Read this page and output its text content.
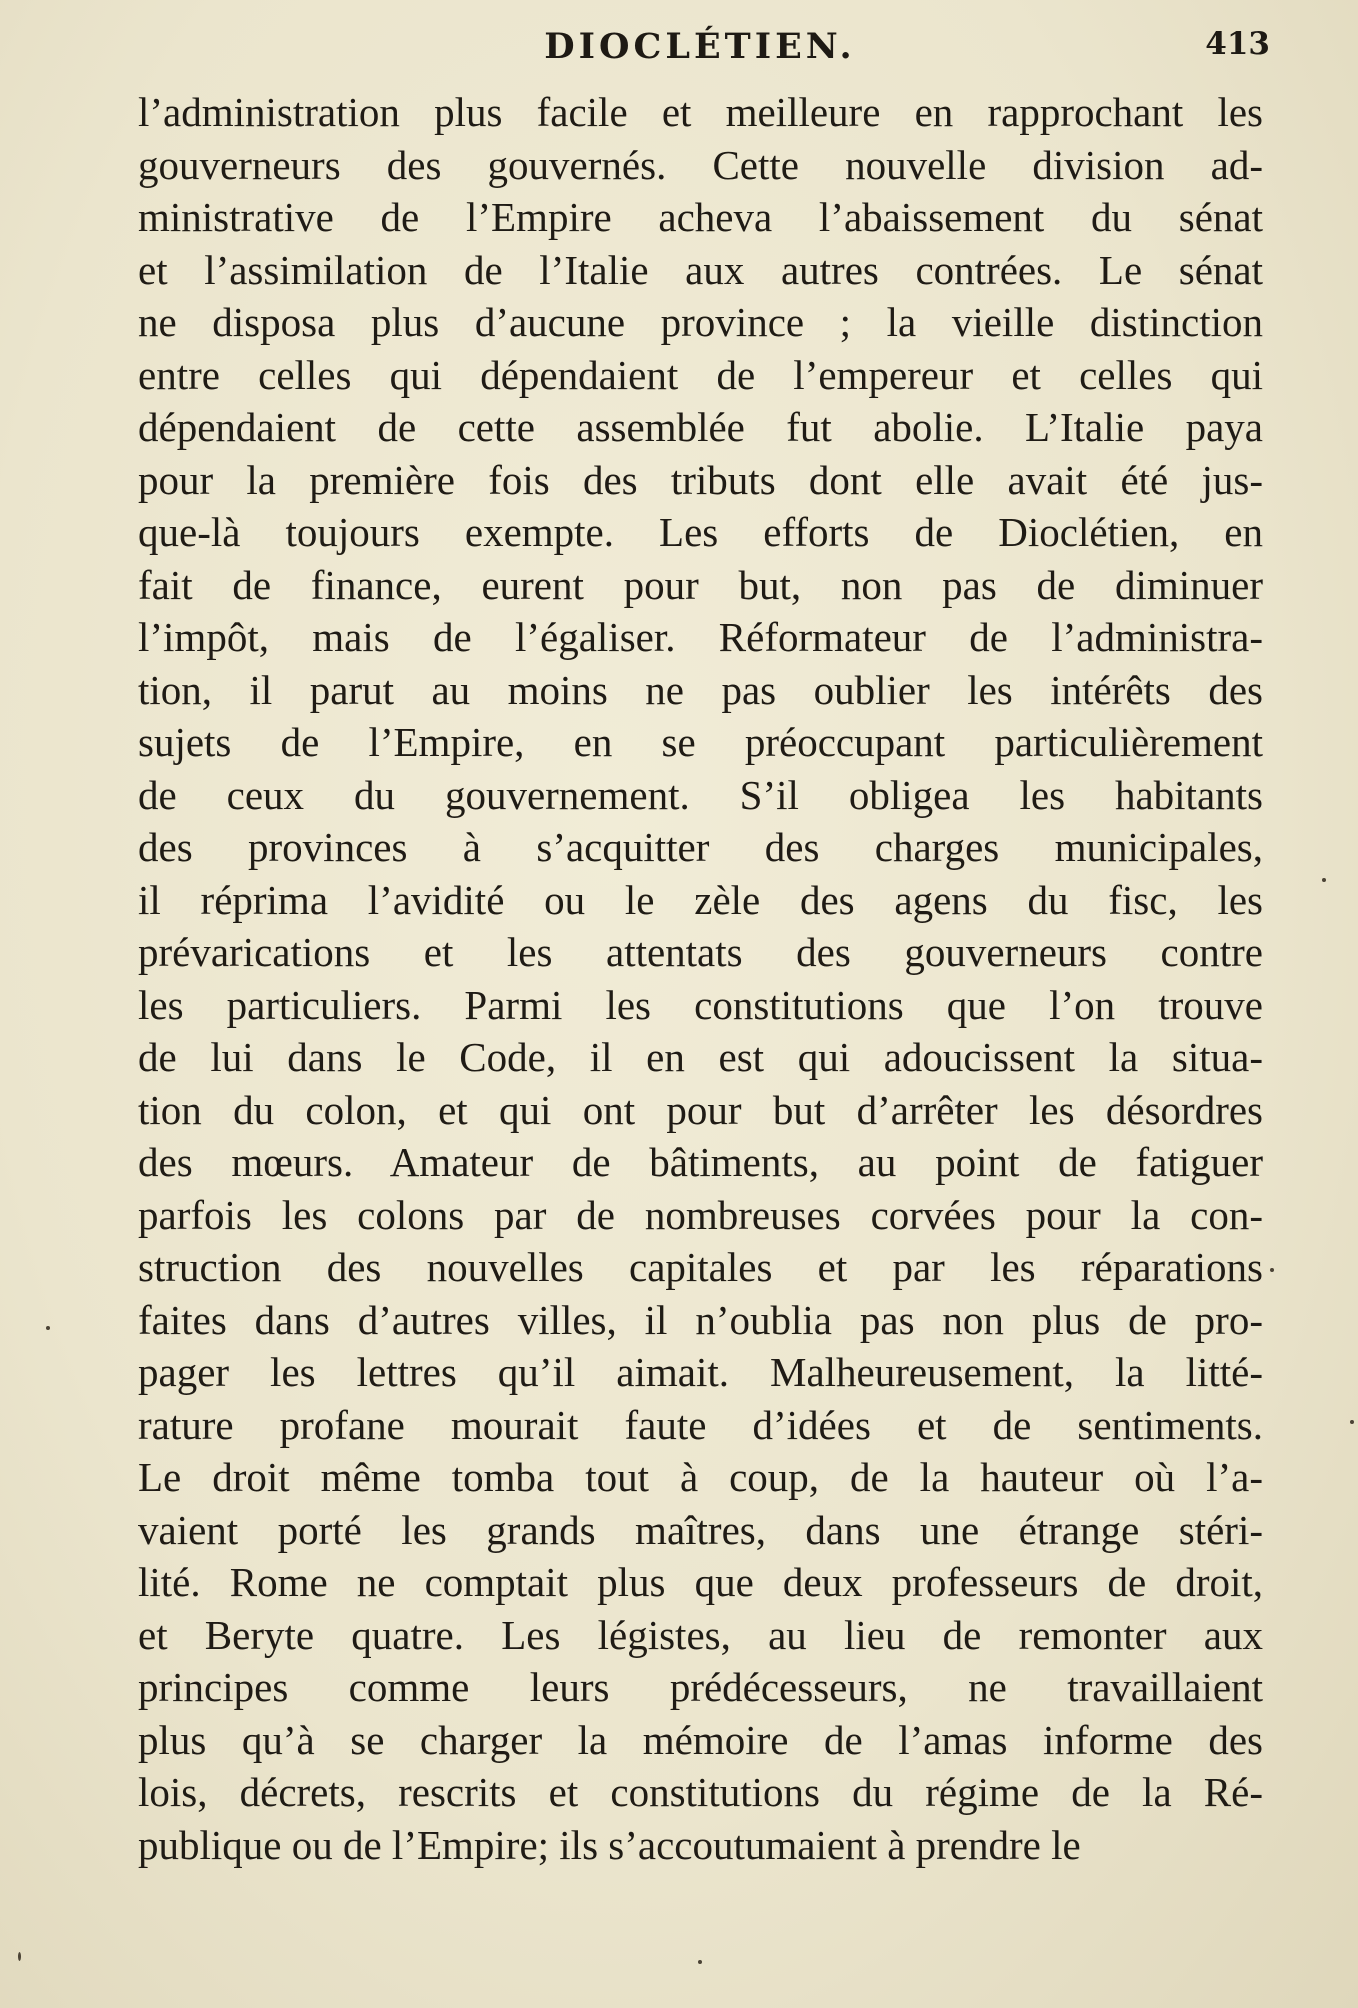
DIOCLÉTIEN.	413
l’administration plus facile et meilleure en rapprochant les
gouverneurs des gouvernés. Cette nouvelle division ad-
ministrative de l’Empire acheva l’abaissement du sénat
et l’assimilation de l’Italie aux autres contrées. Le sénat
ne disposa plus d’aucune province ; la vieille distinction
entre celles qui dépendaient de l’empereur et celles qui
dépendaient de cette assemblée fut abolie. L’Italie paya
pour la première fois des tributs dont elle avait été jus-
que-là toujours exempte. Les efforts de Dioclétien, en
fait de finance, eurent pour but, non pas de diminuer
l’impôt, mais de l’égaliser. Réformateur de l’administra-
tion, il parut au moins ne pas oublier les intérêts des
sujets de l’Empire, en se préoccupant particulièrement
de ceux du gouvernement. S’il obligea les habitants
des provinces à s’acquitter des charges municipales,
il réprima l’avidité ou le zèle des agens du fisc, les
prévarications et les attentats des gouverneurs contre
les particuliers. Parmi les constitutions que l’on trouve
de lui dans le Code, il en est qui adoucissent la situa-
tion du colon, et qui ont pour but d’arrêter les désordres
des mœurs. Amateur de bâtiments, au point de fatiguer
parfois les colons par de nombreuses corvées pour la con-
struction des nouvelles capitales et par les réparations
faites dans d’autres villes, il n’oublia pas non plus de pro-
pager les lettres qu’il aimait. Malheureusement, la litté-
rature profane mourait faute d’idées et de sentiments.
Le droit même tomba tout à coup, de la hauteur où l’a-
vaient porté les grands maîtres, dans une étrange stéri-
lité. Rome ne comptait plus que deux professeurs de droit,
et Beryte quatre. Les légistes, au lieu de remonter aux
principes comme leurs prédécesseurs, ne travaillaient
plus qu’à se charger la mémoire de l’amas informe des
lois, décrets, rescrits et constitutions du régime de la Ré-
publique ou de l’Empire; ils s’accoutumaient à prendre le
